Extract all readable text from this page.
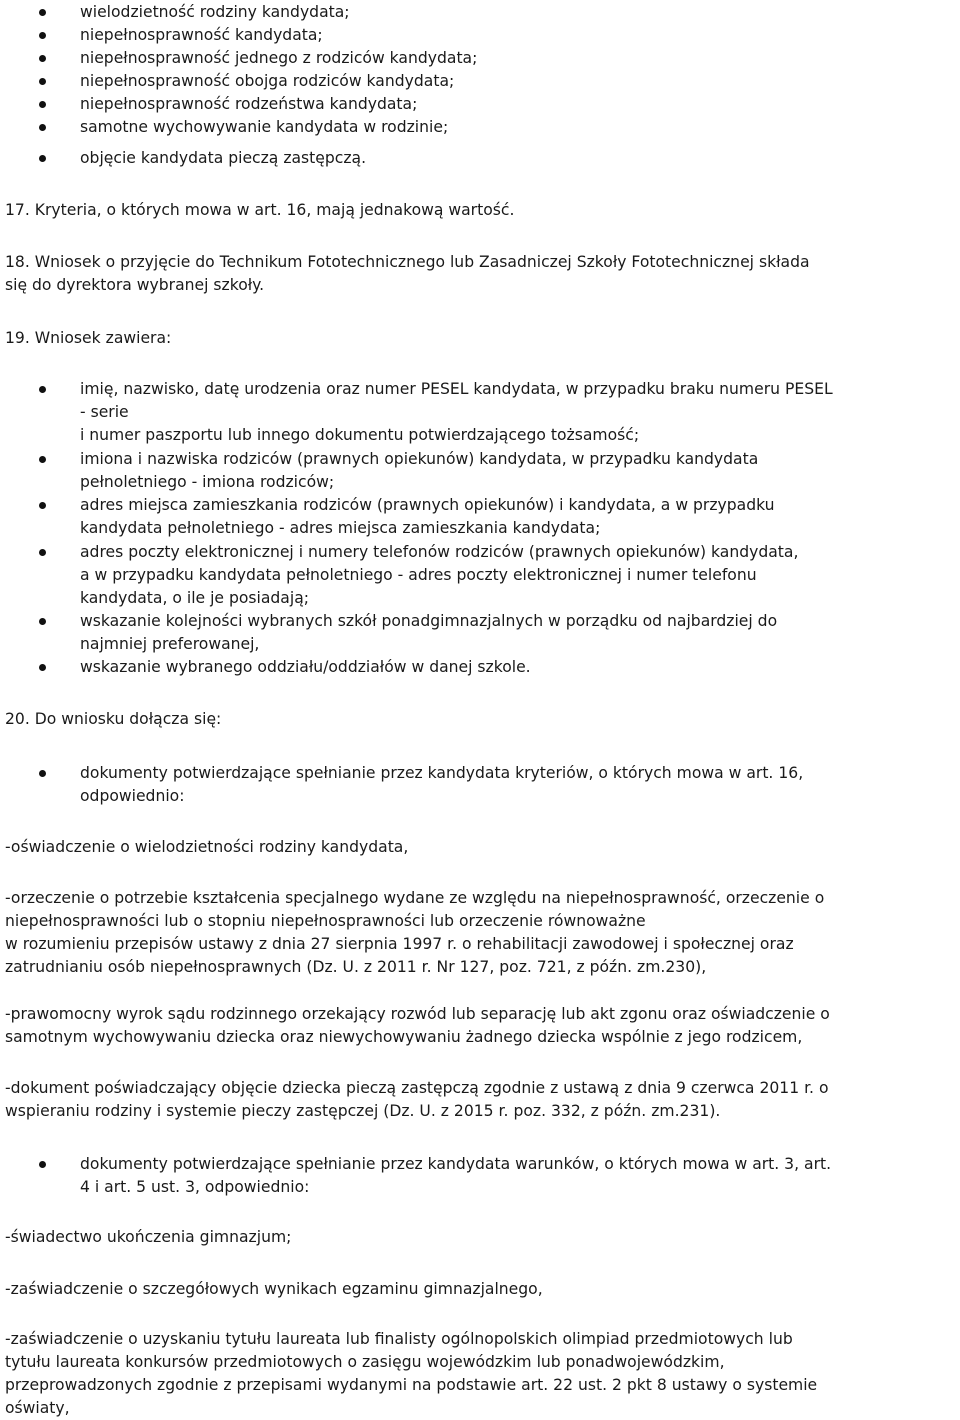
wielodzietność rodziny kandydata;

niepełnosprawność kandydata;

niepełnosprawność jednego z rodziców kandydata;

niepełnosprawność obojga rodziców kandydata;

niepełnosprawność rodzeństwa kandydata;

samotne wychowywanie kandydata w rodzinie;

objęcie kandydata pieczą zastępczą.

17. Kryteria, o których mowa w art. 16, mają jednakową wartość.

18. Wniosek o przyjęcie do Technikum Fototechnicznego lub Zasadniczej Szkoły Fototechnicznej składa
się do dyrektora wybranej szkoły.

19. Wniosek zawiera:

imię, nazwisko, datę urodzenia oraz numer PESEL kandydata, w przypadku braku numeru PESEL
- serie
i numer paszportu lub innego dokumentu potwierdzającego tożsamość;

imiona i nazwiska rodziców (prawnych opiekunów) kandydata, w przypadku kandydata
pełnoletniego - imiona rodziców;

adres miejsca zamieszkania rodziców (prawnych opiekunów) i kandydata, a w przypadku
kandydata pełnoletniego - adres miejsca zamieszkania kandydata;

adres poczty elektronicznej i numery telefonów rodziców (prawnych opiekunów) kandydata,
a w przypadku kandydata pełnoletniego - adres poczty elektronicznej i numer telefonu
kandydata, o ile je posiadają;

wskazanie kolejności wybranych szkół ponadgimnazjalnych w porządku od najbardziej do
najmniej preferowanej,

wskazanie wybranego oddziału/oddziałów w danej szkole.

20. Do wniosku dołącza się:

dokumenty potwierdzające spełnianie przez kandydata kryteriów, o których mowa w art. 16,
odpowiednio:

-oświadczenie o wielodzietności rodziny kandydata,

-orzeczenie o potrzebie kształcenia specjalnego wydane ze względu na niepełnosprawność, orzeczenie o
niepełnosprawności lub o stopniu niepełnosprawności lub orzeczenie równoważne
w rozumieniu przepisów ustawy z dnia 27 sierpnia 1997 r. o rehabilitacji zawodowej i społecznej oraz
zatrudnianiu osób niepełnosprawnych (Dz. U. z 2011 r. Nr 127, poz. 721, z późn. zm.230),

-prawomocny wyrok sądu rodzinnego orzekający rozwód lub separację lub akt zgonu oraz oświadczenie o
samotnym wychowywaniu dziecka oraz niewychowywaniu żadnego dziecka wspólnie z jego rodzicem,

-dokument poświadczający objęcie dziecka pieczą zastępczą zgodnie z ustawą z dnia 9 czerwca 2011 r. o
wspieraniu rodziny i systemie pieczy zastępczej (Dz. U. z 2015 r. poz. 332, z późn. zm.231).

dokumenty potwierdzające spełnianie przez kandydata warunków, o których mowa w art. 3, art.
4 i art. 5 ust. 3, odpowiednio:

-świadectwo ukończenia gimnazjum;

-zaświadczenie o szczegółowych wynikach egzaminu gimnazjalnego,

-zaświadczenie o uzyskaniu tytułu laureata lub finalisty ogólnopolskich olimpiad przedmiotowych lub
tytułu laureata konkursów przedmiotowych o zasięgu wojewódzkim lub ponadwojewódzkim,
przeprowadzonych zgodnie z przepisami wydanymi na podstawie art. 22 ust. 2 pkt 8 ustawy o systemie
oświaty,
